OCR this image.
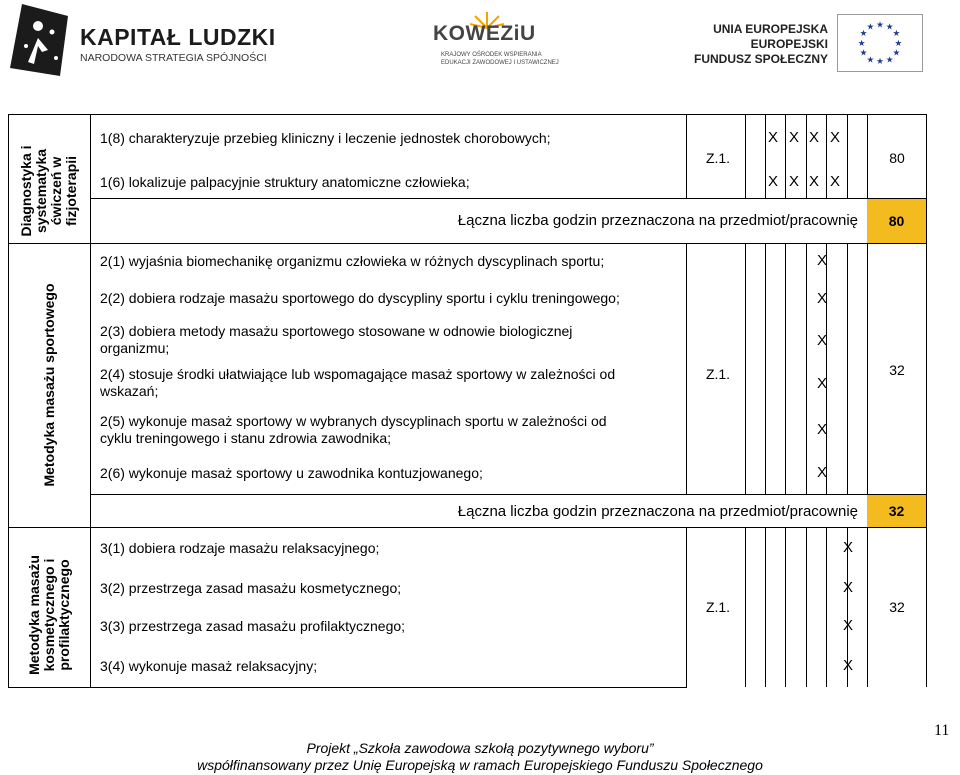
KAPITAŁ LUDZKI
NARODOWA STRATEGIA SPÓJNOŚCI
KOWEZiU
KRAJOWY OŚRODEK WSPIERANIA
EDUKACJI ZAWODOWEJ I USTAWICZNEJ
UNIA EUROPEJSKA
EUROPEJSKI
FUNDUSZ SPOŁECZNY
★ ★
★
★
★
★
★
★
★
★
★
★
Diagnostyka i systematyka ćwiczeń w fizjoterapii
1(8) charakteryzuje przebieg kliniczny i leczenie jednostek chorobowych;
1(6) lokalizuje palpacyjnie struktury anatomiczne człowieka;
Z.1.
X X X X
X X X X
80
Łączna liczba godzin przeznaczona na przedmiot/pracownię	80
Metodyka masażu sportowego
2(1) wyjaśnia biomechanikę organizmu człowieka w różnych dyscyplinach sportu;
2(2) dobiera rodzaje masażu sportowego do dyscypliny sportu i cyklu treningowego;
2(3) dobiera metody masażu sportowego stosowane w odnowie biologicznej
organizmu;
2(4) stosuje środki ułatwiające lub wspomagające masaż sportowy w zależności od
wskazań;
2(5) wykonuje masaż sportowy w wybranych dyscyplinach sportu w zależności od
cyklu treningowego i stanu zdrowia zawodnika;
2(6) wykonuje masaż sportowy u zawodnika kontuzjowanego;
Z.1.
X
X
X
X
X
X
32
Łączna liczba godzin przeznaczona na przedmiot/pracownię	32
Metodyka masażu kosmetycznego i profilaktycznego
3(1) dobiera rodzaje masażu relaksacyjnego;
3(2) przestrzega zasad masażu kosmetycznego;
3(3) przestrzega zasad masażu profilaktycznego;
3(4) wykonuje masaż relaksacyjny;
Z.1.
X
X
X
X
32
11
Projekt „Szkoła zawodowa szkołą pozytywnego wyboru”
współfinansowany przez Unię Europejską w ramach Europejskiego Funduszu Społecznego
